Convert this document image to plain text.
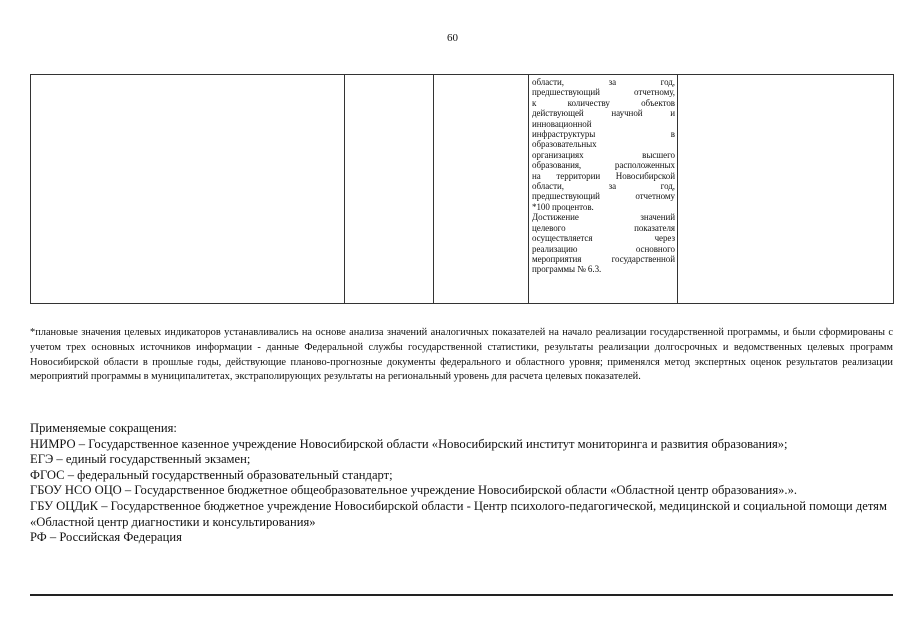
60

области, за год,

предшествующий отчетному,

к количеству объектов

действующей научной и

инновационной

инфраструктуры в

образовательных

организациях высшего

образования, расположенных

на территории Новосибирской

области, за год,

предшествующий отчетному

*100 процентов.

Достижение значений

целевого показателя

осуществляется через

реализацию основного

мероприятия государственной

программы № 6.3.

*плановые значения целевых индикаторов устанавливались на основе анализа значений аналогичных показателей на начало реализации государственной программы, и были сформированы с учетом трех основных источников информации - данные Федеральной службы государственной статистики, результаты реализации долгосрочных и ведомственных целевых программ Новосибирской области в прошлые годы, действующие планово-прогнозные документы федерального и областного уровня; применялся метод экспертных оценок результатов реализации мероприятий программы в муниципалитетах, экстраполирующих результаты на региональный уровень для расчета целевых показателей.
Применяемые сокращения:
НИМРО – Государственное казенное учреждение Новосибирской области «Новосибирский институт мониторинга и развития образования»;
ЕГЭ – единый государственный экзамен;
ФГОС – федеральный государственный образовательный стандарт;
ГБОУ НСО ОЦО – Государственное бюджетное общеобразовательное учреждение Новосибирской области «Областной центр образования».».
ГБУ ОЦДиК – Государственное бюджетное учреждение Новосибирской области - Центр психолого-педагогической, медицинской и социальной помощи детям «Областной центр диагностики и консультирования»
РФ – Российская Федерация
